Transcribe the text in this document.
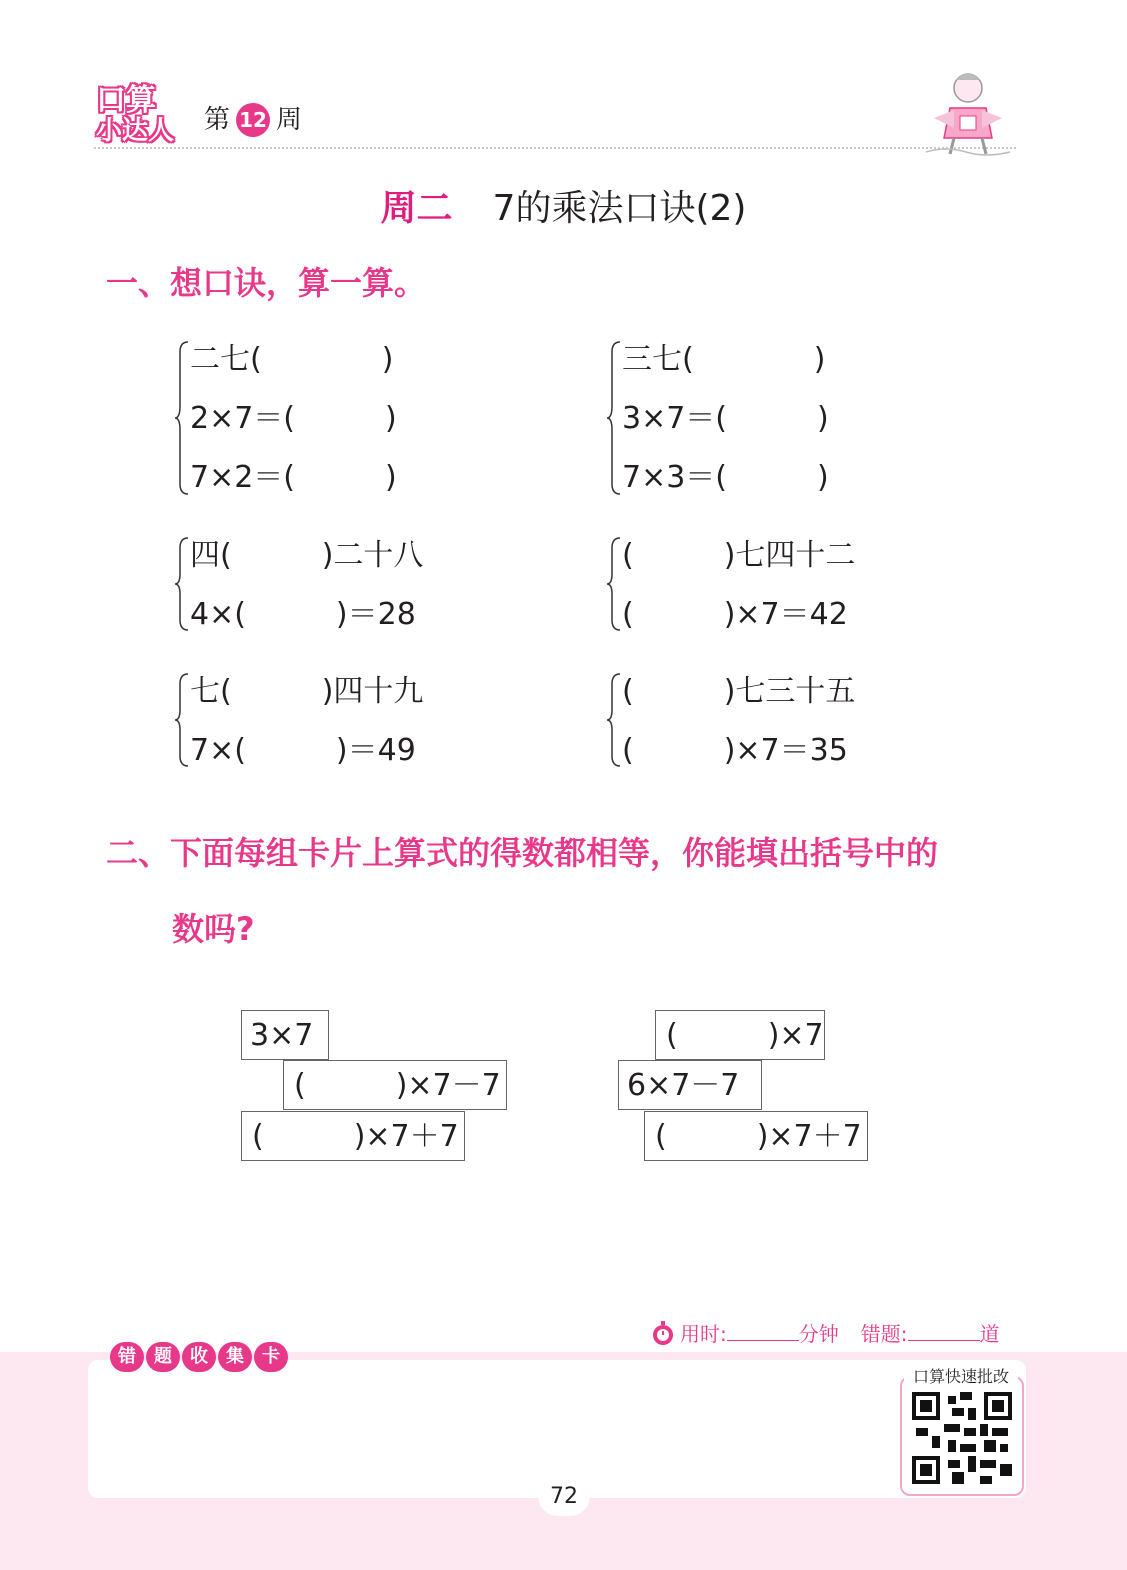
口算
小达人 第 12 周
周二 7的乘法口诀(2)
一、想口诀，算一算。
二七(　　　　)
2×7＝(　　　)
7×2＝(　　　)
三七(　　　　)
3×7＝(　　　)
7×3＝(　　　)
四(　　　)二十八
4×(　　　)＝28
(　　　)七四十二
(　　　)×7＝42
七(　　　)四十九
7×(　　　)＝49
(　　　)七三十五
(　　　)×7＝35
二、下面每组卡片上算式的得数都相等，你能填出括号中的
数吗?
3×7
(　　　)×7－7
(　　　)×7＋7
(　　　)×7
6×7－7
(　　　)×7＋7
用时:	分钟 错题:	道
错	题	收	集	卡
口算快速批改
72
